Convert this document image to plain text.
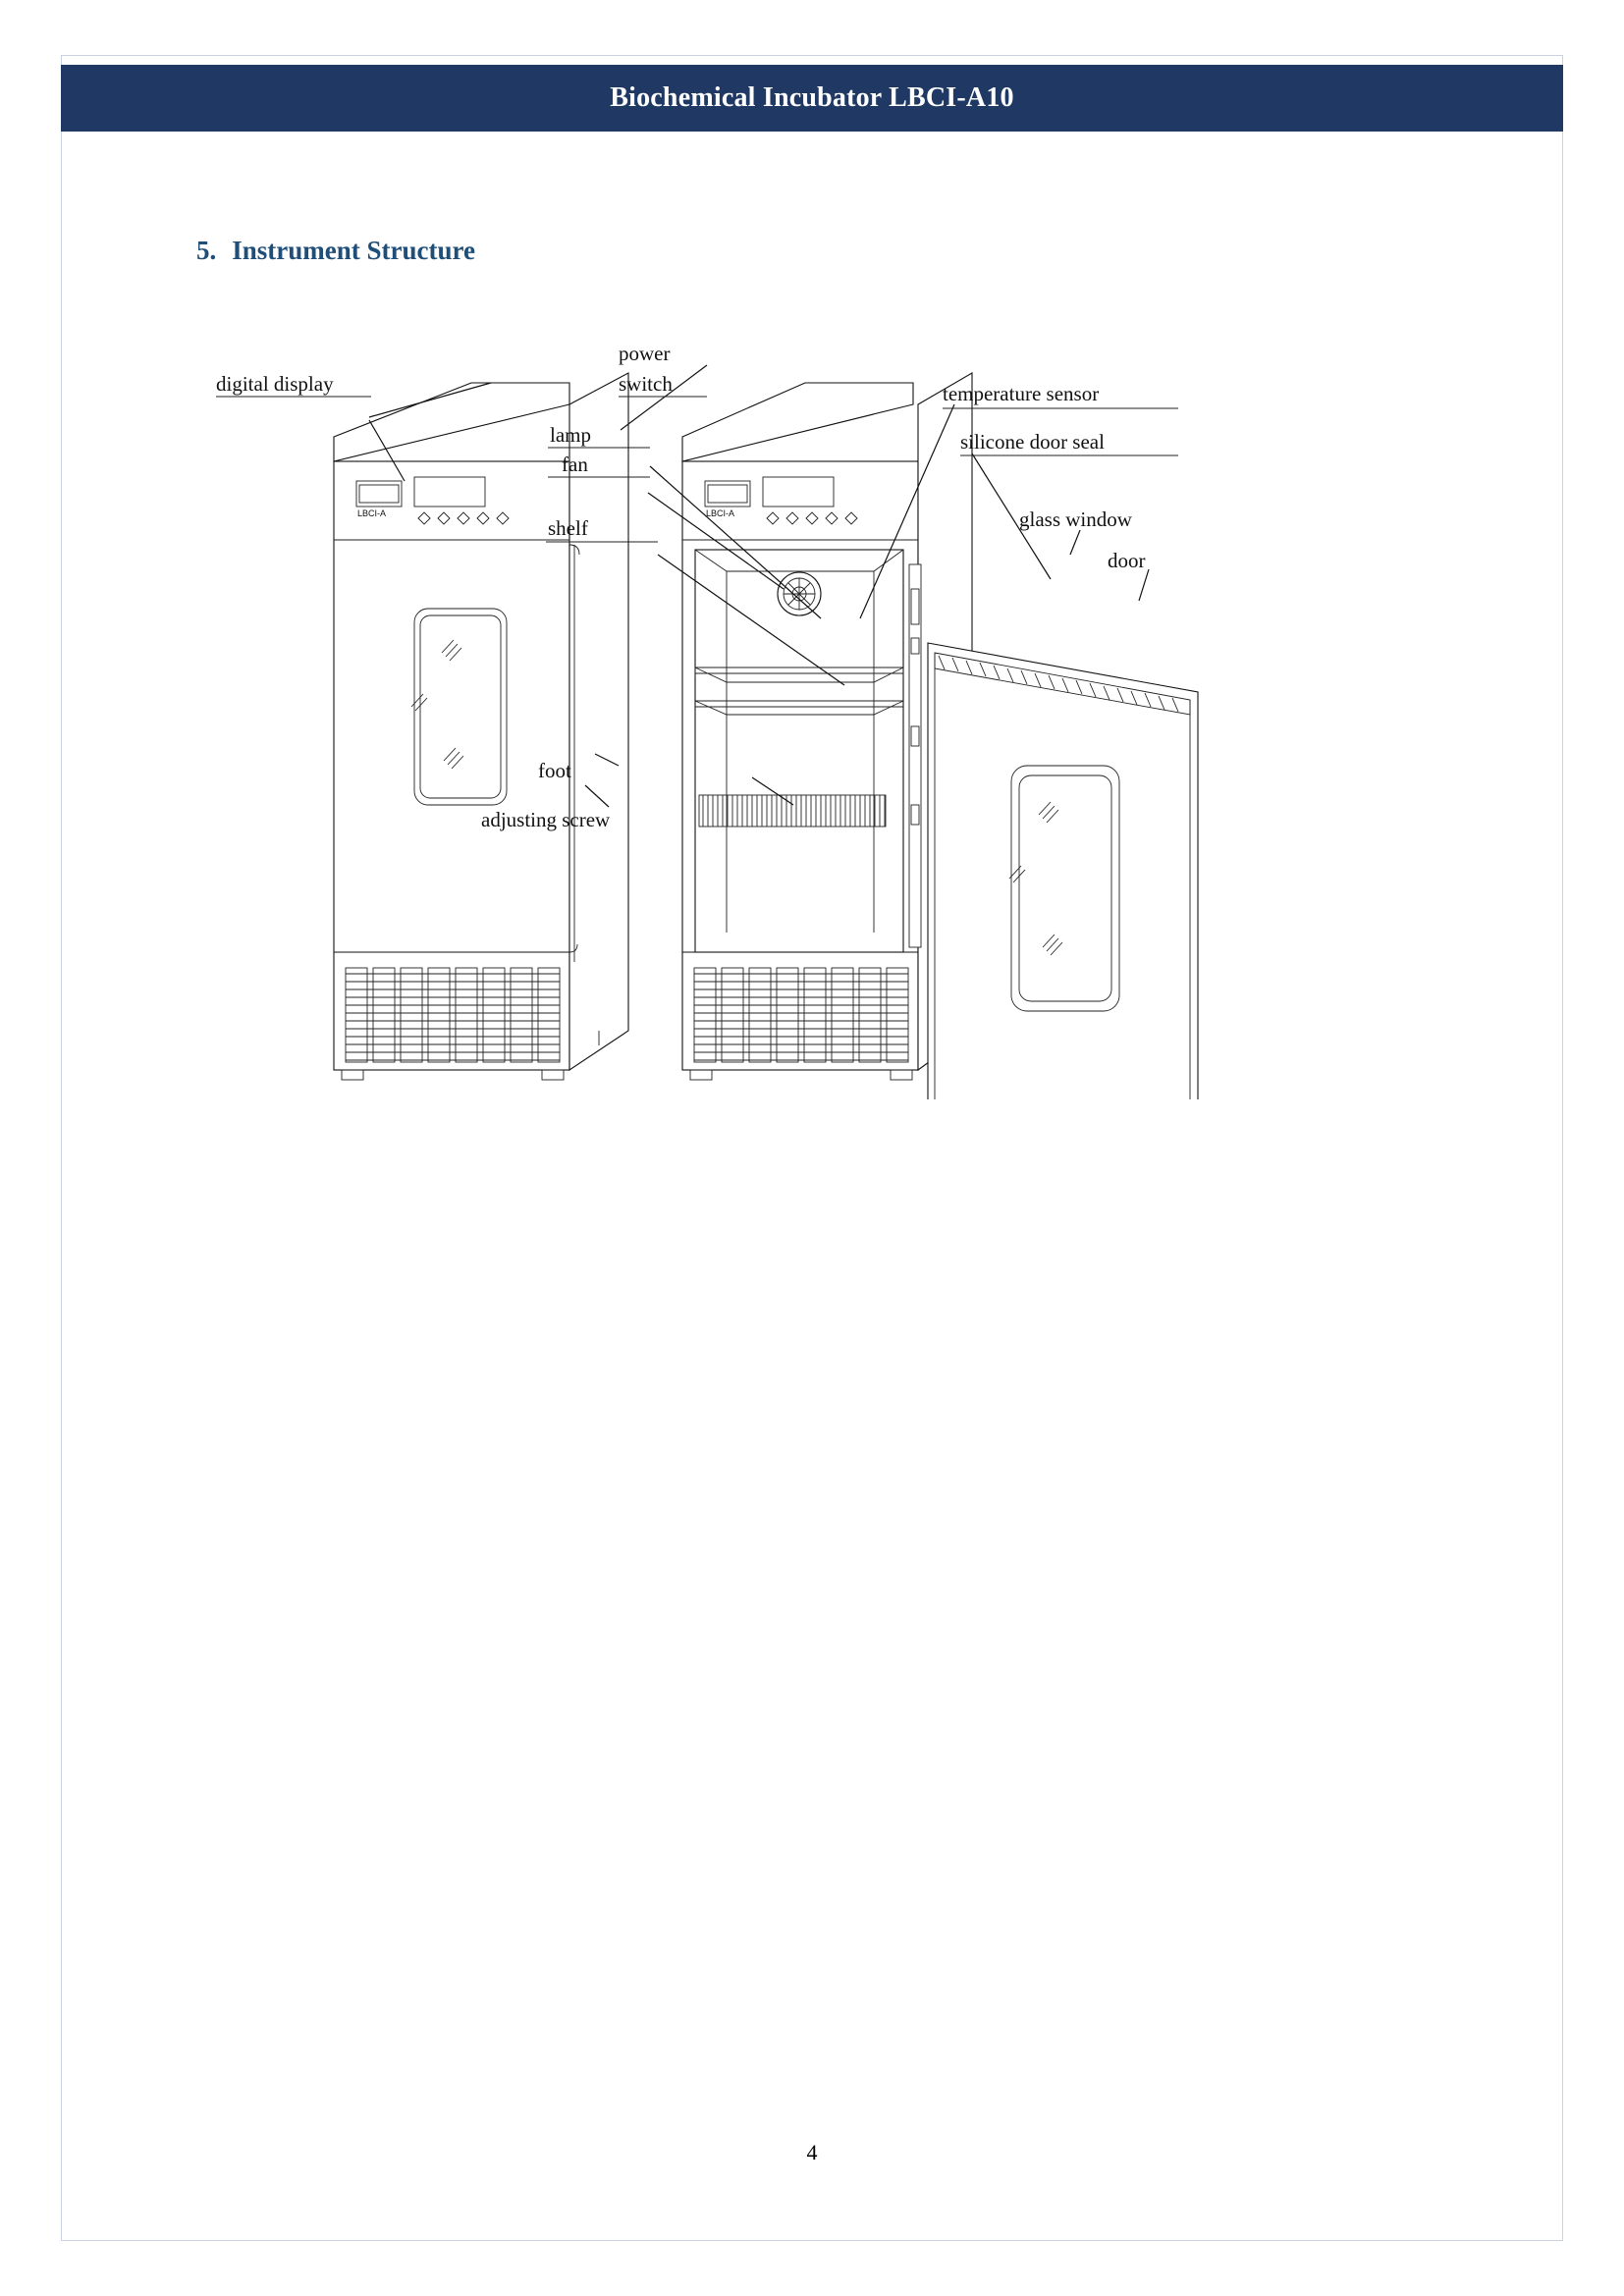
Biochemical Incubator LBCI-A10
5. Instrument Structure
LBCI-A	LBCI-A
digital display
power
switch
lamp
fan
shelf
foot
adjusting screw
temperature sensor
silicone door seal
glass window
door
4
